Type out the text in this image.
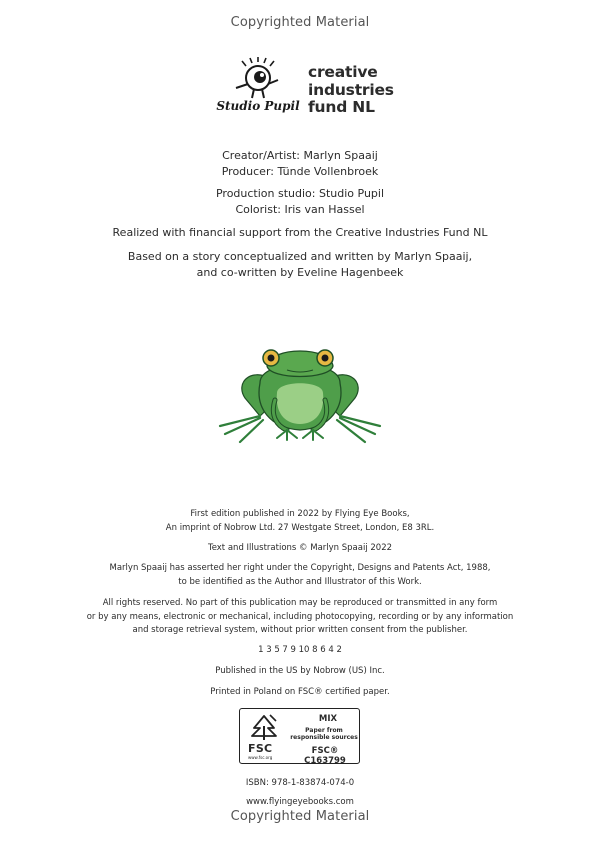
Copyrighted Material
Studio Pupil
creative
industries
fund NL
Creator/Artist: Marlyn Spaaij
Producer: Tünde Vollenbroek
Production studio: Studio Pupil
Colorist: Iris van Hassel
Realized with financial support from the Creative Industries Fund NL
Based on a story conceptualized and written by Marlyn Spaaij,
and co-written by Eveline Hagenbeek
First edition published in 2022 by Flying Eye Books,
An imprint of Nobrow Ltd. 27 Westgate Street, London, E8 3RL.
Text and Illustrations © Marlyn Spaaij 2022
Marlyn Spaaij has asserted her right under the Copyright, Designs and Patents Act, 1988,
to be identified as the Author and Illustrator of this Work.
All rights reserved. No part of this publication may be reproduced or transmitted in any form
or by any means, electronic or mechanical, including photocopying, recording or by any information
and storage retrieval system, without prior written consent from the publisher.
1 3 5 7 9 10 8 6 4 2
Published in the US by Nobrow (US) Inc.
Printed in Poland on FSC® certified paper.
FSC
www.fsc.org
MIX
Paper from
responsible sources
FSC® C163799
ISBN: 978-1-83874-074-0
www.flyingeyebooks.com
Copyrighted Material
